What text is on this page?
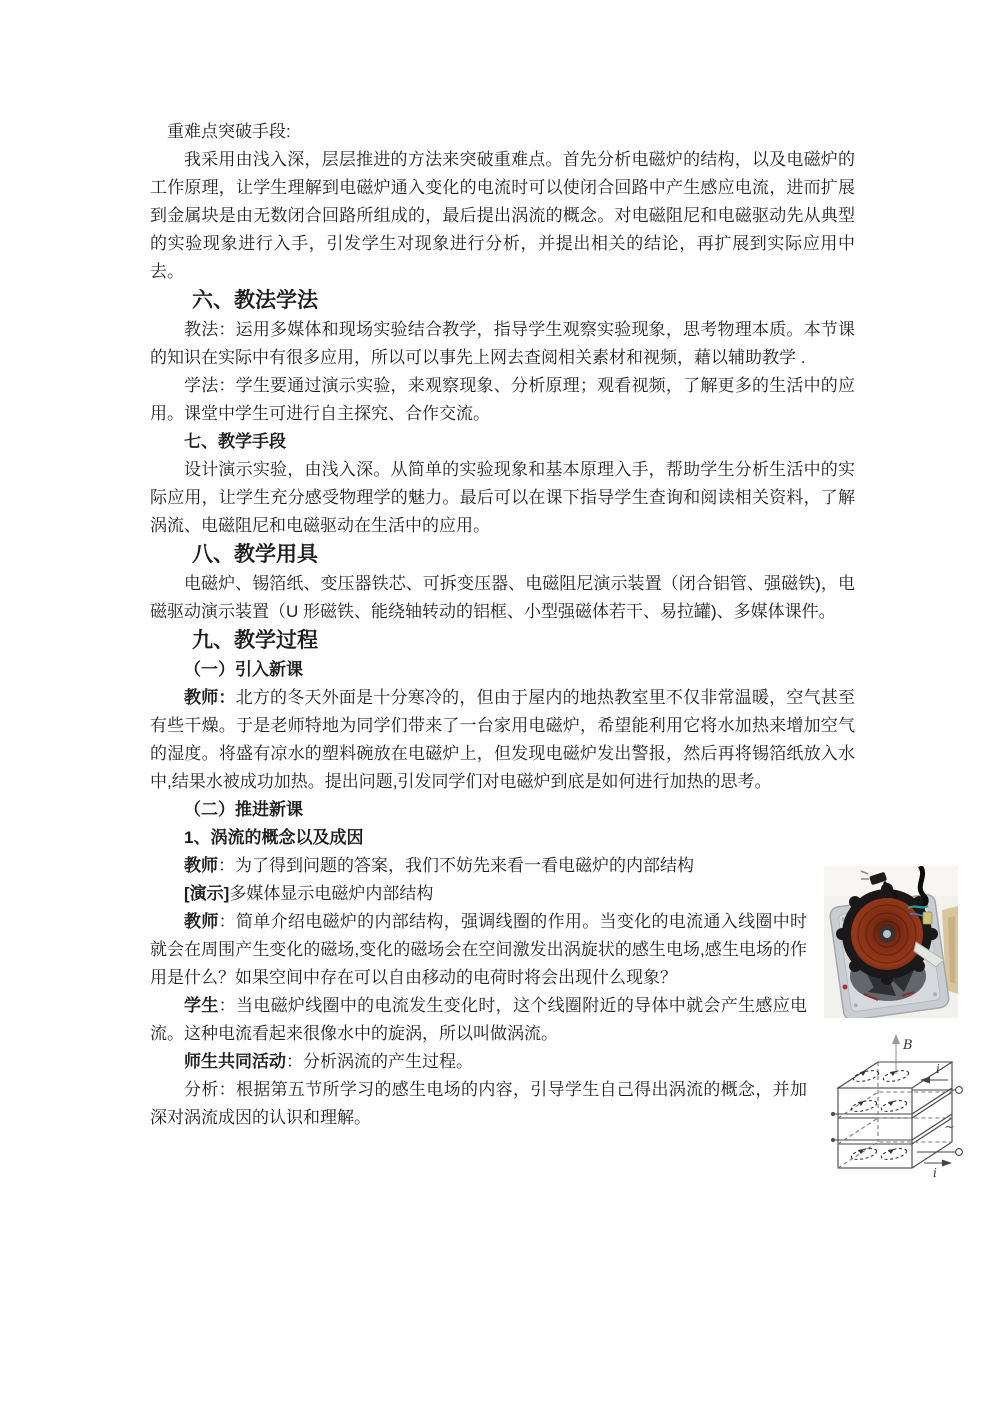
重难点突破手段:

我采用由浅入深，层层推进的方法来突破重难点。首先分析电磁炉的结构，以及电磁炉的工作原理，让学生理解到电磁炉通入变化的电流时可以使闭合回路中产生感应电流，进而扩展到金属块是由无数闭合回路所组成的，最后提出涡流的概念。对电磁阻尼和电磁驱动先从典型的实验现象进行入手，引发学生对现象进行分析，并提出相关的结论，再扩展到实际应用中去。

六、教法学法

教法：运用多媒体和现场实验结合教学，指导学生观察实验现象，思考物理本质。本节课的知识在实际中有很多应用，所以可以事先上网去查阅相关素材和视频，藉以辅助教学 .

学法：学生要通过演示实验，来观察现象、分析原理；观看视频，了解更多的生活中的应用。课堂中学生可进行自主探究、合作交流。

七、教学手段

设计演示实验，由浅入深。从简单的实验现象和基本原理入手，帮助学生分析生活中的实际应用，让学生充分感受物理学的魅力。最后可以在课下指导学生查询和阅读相关资料，了解涡流、电磁阻尼和电磁驱动在生活中的应用。

八、教学用具

电磁炉、锡箔纸、变压器铁芯、可拆变压器、电磁阻尼演示装置（闭合铝管、强磁铁)，电磁驱动演示装置（U 形磁铁、能绕轴转动的铝框、小型强磁体若干、易拉罐)、多媒体课件。

九、教学过程

（一）引入新课

教师：北方的冬天外面是十分寒冷的，但由于屋内的地热教室里不仅非常温暖，空气甚至有些干燥。于是老师特地为同学们带来了一台家用电磁炉，希望能利用它将水加热来增加空气的湿度。将盛有凉水的塑料碗放在电磁炉上，但发现电磁炉发出警报，然后再将锡箔纸放入水中,结果水被成功加热。提出问题,引发同学们对电磁炉到底是如何进行加热的思考。

（二）推进新课

1、涡流的概念以及成因

教师：为了得到问题的答案，我们不妨先来看一看电磁炉的内部结构

[演示]多媒体显示电磁炉内部结构

教师：简单介绍电磁炉的内部结构，强调线圈的作用。当变化的电流通入线圈中时就会在周围产生变化的磁场,变化的磁场会在空间激发出涡旋状的感生电场,感生电场的作用是什么？如果空间中存在可以自由移动的电荷时将会出现什么现象？

学生：当电磁炉线圈中的电流发生变化时，这个线圈附近的导体中就会产生感应电流。这种电流看起来很像水中的旋涡，所以叫做涡流。

师生共同活动：分析涡流的产生过程。

分析：根据第五节所学习的感生电场的内容，引导学生自己得出涡流的概念，并加深对涡流成因的认识和理解。

B
i
i
~
